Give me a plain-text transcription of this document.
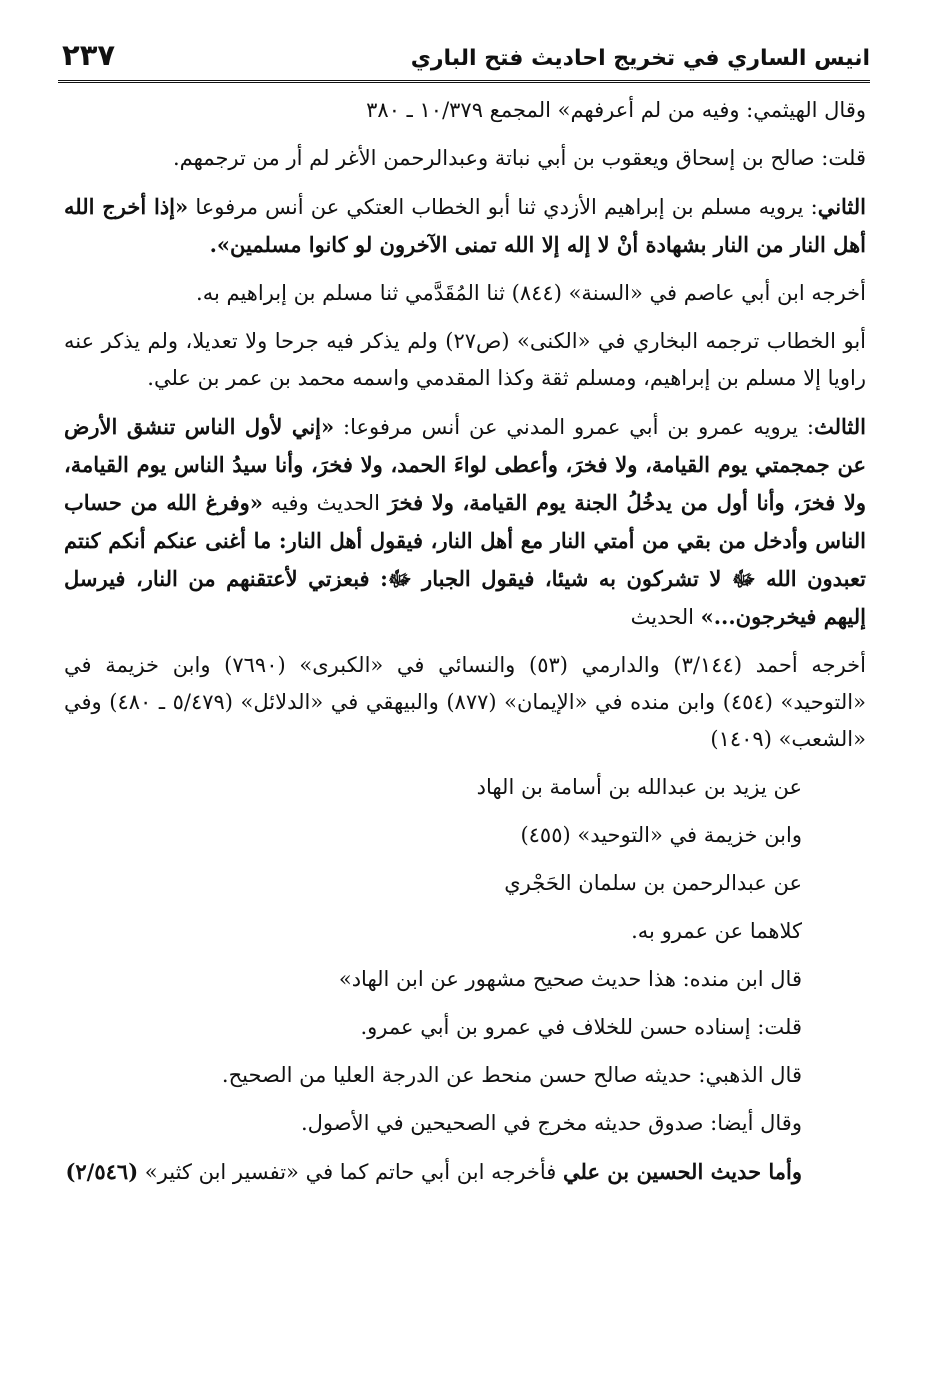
انيس الساري في تخريج احاديث فتح الباري
٢٣٧

وقال الهيثمي: وفيه من لم أعرفهم» المجمع ١٠/٣٧٩ ـ ٣٨٠

قلت: صالح بن إسحاق ويعقوب بن أبي نباتة وعبدالرحمن الأغر لم أر من ترجمهم.

الثاني: يرويه مسلم بن إبراهيم الأزدي ثنا أبو الخطاب العتكي عن أنس مرفوعا «إذا أخرج الله أهل النار من النار بشهادة أنْ لا إله إلا الله تمنى الآخرون لو كانوا مسلمين».

أخرجه ابن أبي عاصم في «السنة» (٨٤٤) ثنا المُقَدَّمي ثنا مسلم بن إبراهيم به.

أبو الخطاب ترجمه البخاري في «الكنى» (ص٢٧) ولم يذكر فيه جرحا ولا تعديلا، ولم يذكر عنه راويا إلا مسلم بن إبراهيم، ومسلم ثقة وكذا المقدمي واسمه محمد بن عمر بن علي.

الثالث: يرويه عمرو بن أبي عمرو المدني عن أنس مرفوعا: «إني لأول الناس تنشق الأرض عن جمجمتي يوم القيامة، ولا فخرَ، وأعطى لواءَ الحمد، ولا فخرَ، وأنا سيدُ الناس يوم القيامة، ولا فخرَ، وأنا أول من يدخُلُ الجنة يوم القيامة، ولا فخرَ الحديث وفيه «وفرغ الله من حساب الناس وأدخل من بقي من أمتي النار مع أهل النار، فيقول أهل النار: ما أغنى عنكم أنكم كنتم تعبدون الله ﷻ لا تشركون به شيئا، فيقول الجبار ﷻ: فبعزتي لأعتقنهم من النار، فيرسل إليهم فيخرجون...» الحديث

أخرجه أحمد (٣/١٤٤) والدارمي (٥٣) والنسائي في «الكبرى» (٧٦٩٠) وابن خزيمة في «التوحيد» (٤٥٤) وابن منده في «الإيمان» (٨٧٧) والبيهقي في «الدلائل» (٥/٤٧٩ ـ ٤٨٠) وفي «الشعب» (١٤٠٩)

عن يزيد بن عبدالله بن أسامة بن الهاد

وابن خزيمة في «التوحيد» (٤٥٥)

عن عبدالرحمن بن سلمان الحَجْري

كلاهما عن عمرو به.

قال ابن منده: هذا حديث صحيح مشهور عن ابن الهاد»

قلت: إسناده حسن للخلاف في عمرو بن أبي عمرو.

قال الذهبي: حديثه صالح حسن منحط عن الدرجة العليا من الصحيح.

وقال أيضا: صدوق حديثه مخرج في الصحيحين في الأصول.

وأما حديث الحسين بن علي فأخرجه ابن أبي حاتم كما في «تفسير ابن كثير» (٢/٥٤٦)
